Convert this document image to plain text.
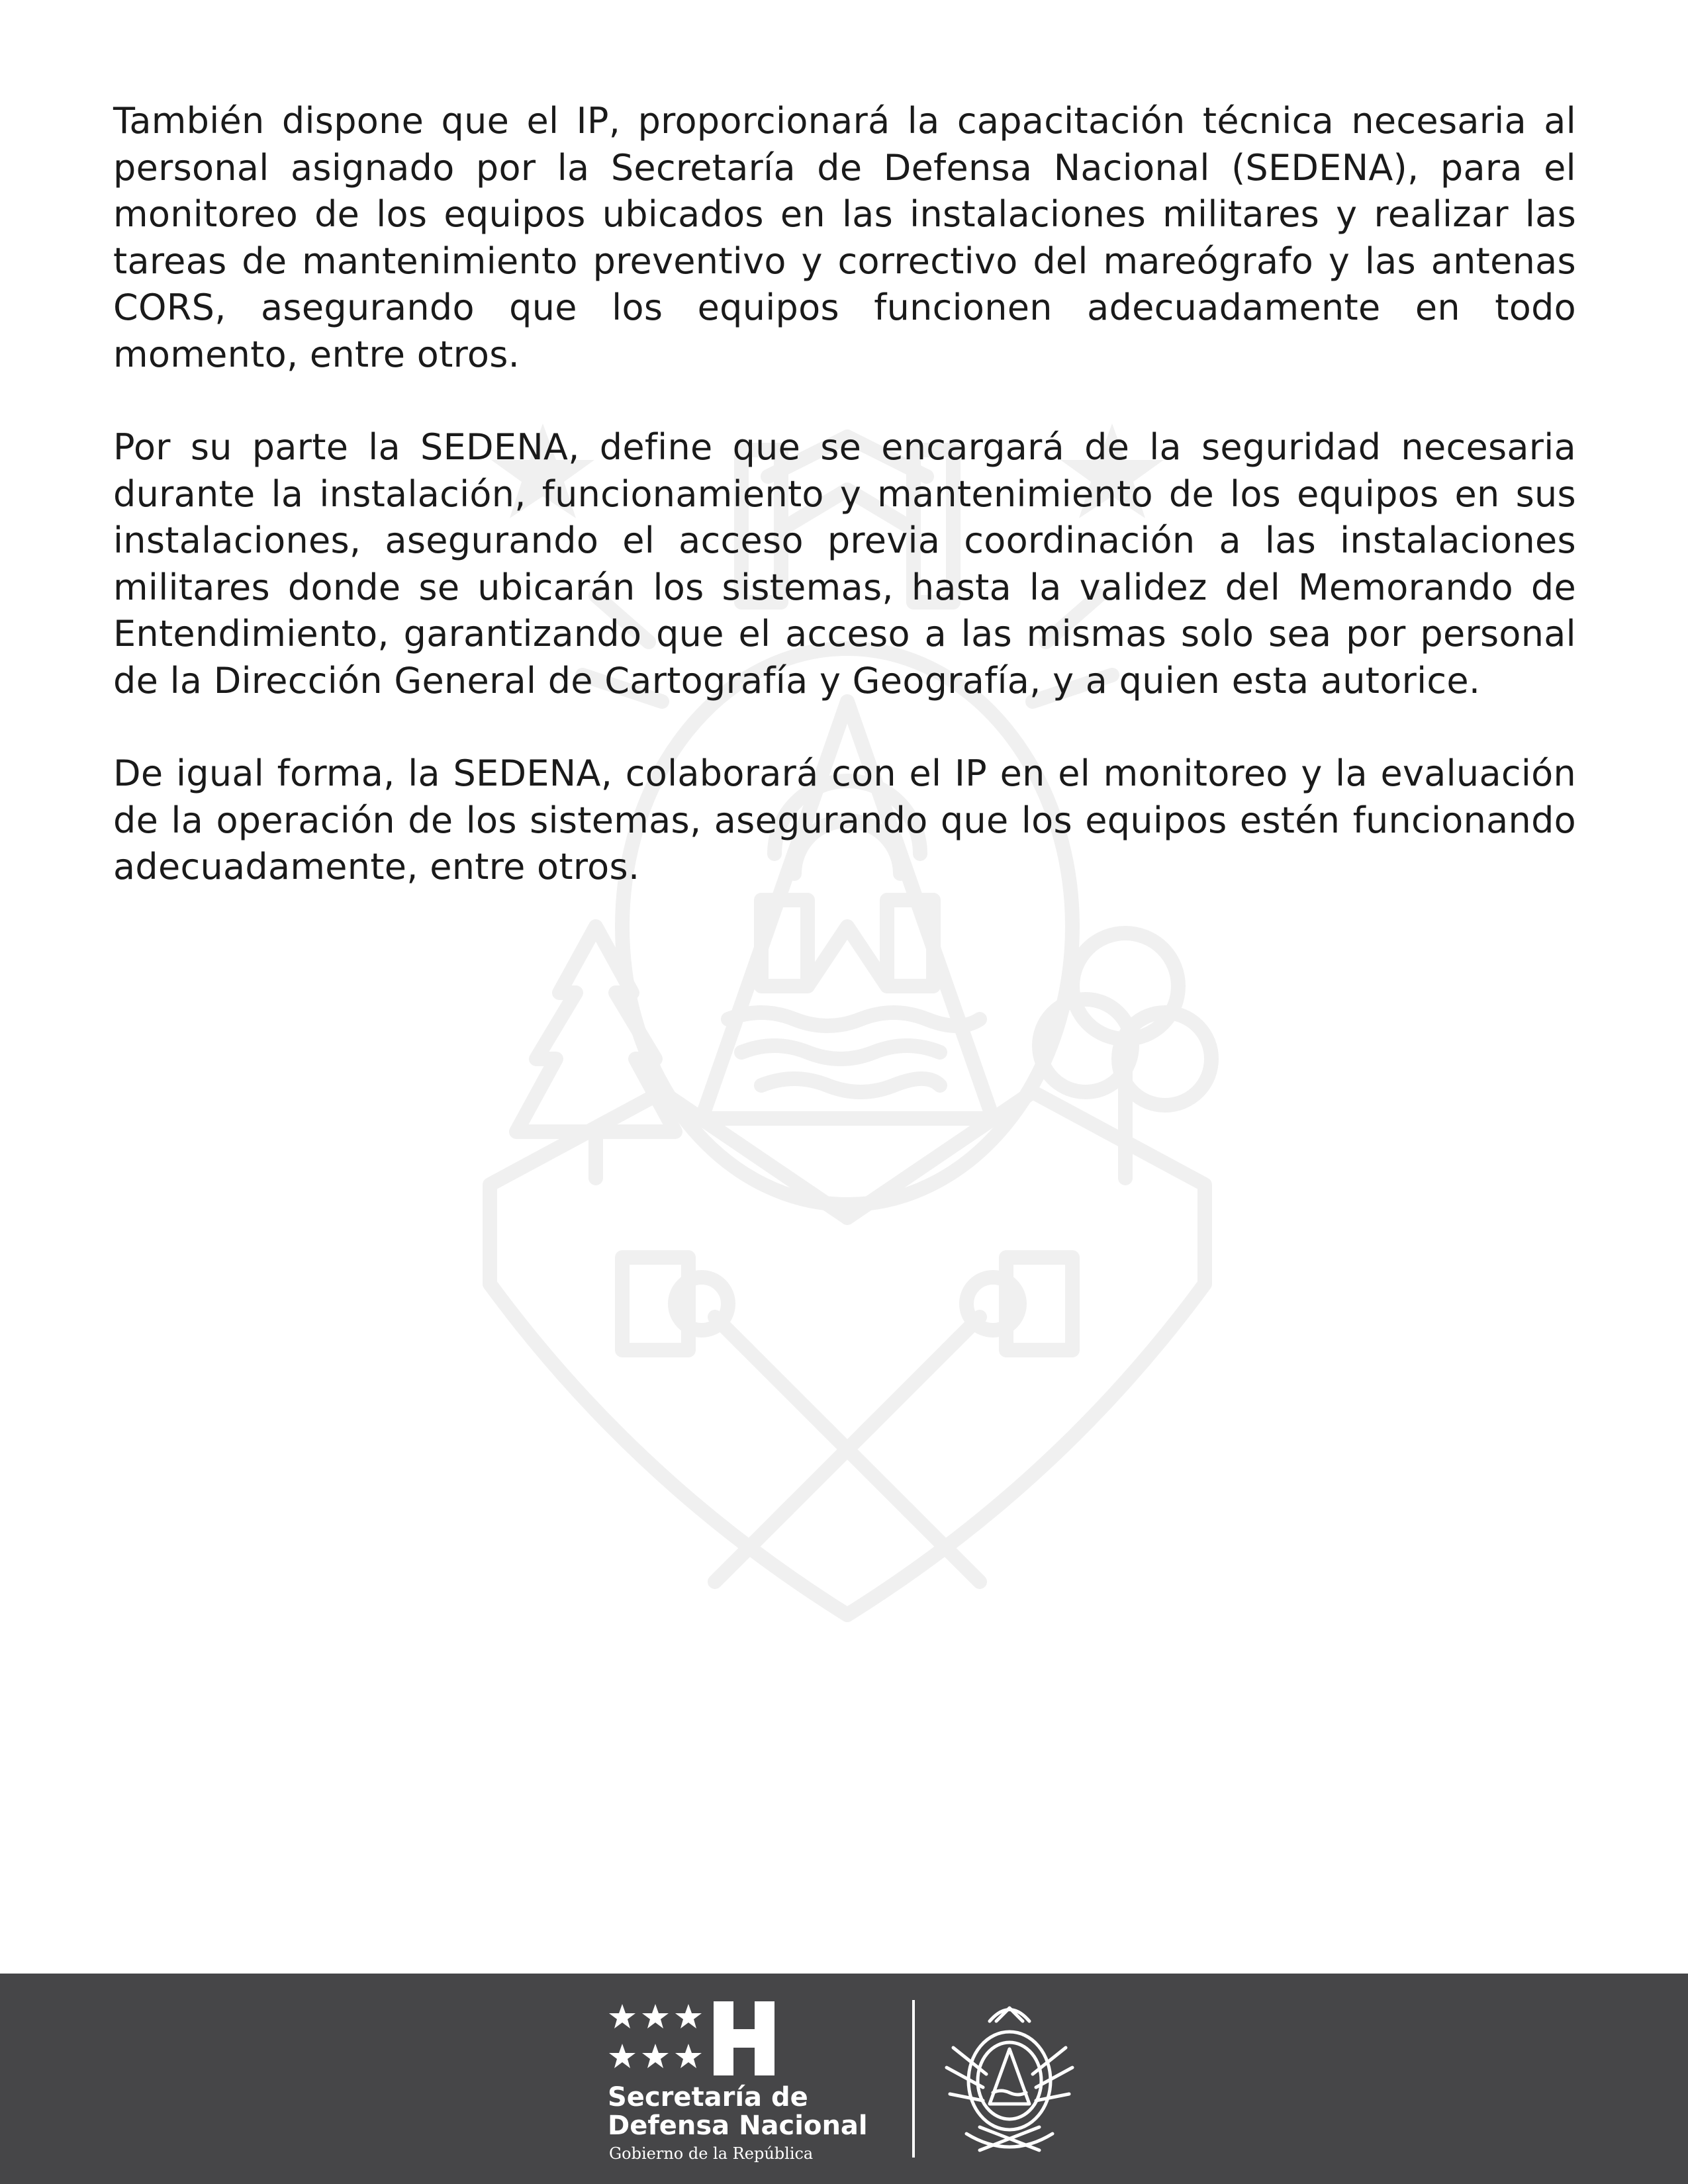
También dispone que el IP, proporcionará la capacitación técnica necesaria al personal asignado por la Secretaría de Defensa Nacional (SEDENA), para el monitoreo de los equipos ubicados en las instalaciones militares y realizar las tareas de mantenimiento preventivo y correctivo del mareógrafo y las antenas CORS, asegurando que los equipos funcionen adecuadamente en todo momento, entre otros.

Por su parte la SEDENA, define que se encargará de la seguridad necesaria durante la instalación, funcionamiento y mantenimiento de los equipos en sus instalaciones, asegurando el acceso previa coordinación a las instalaciones militares donde se ubicarán los sistemas, hasta la validez del Memorando de Entendimiento, garantizando que el acceso a las mismas solo sea por personal de la Dirección General de Cartografía y Geografía, y a quien esta autorice.

De igual forma, la SEDENA, colaborará con el IP en el monitoreo y la evaluación de la operación de los sistemas, asegurando que los equipos estén funcionando adecuadamente, entre otros.

Secretaría de
Defensa Nacional
Gobierno de la República
